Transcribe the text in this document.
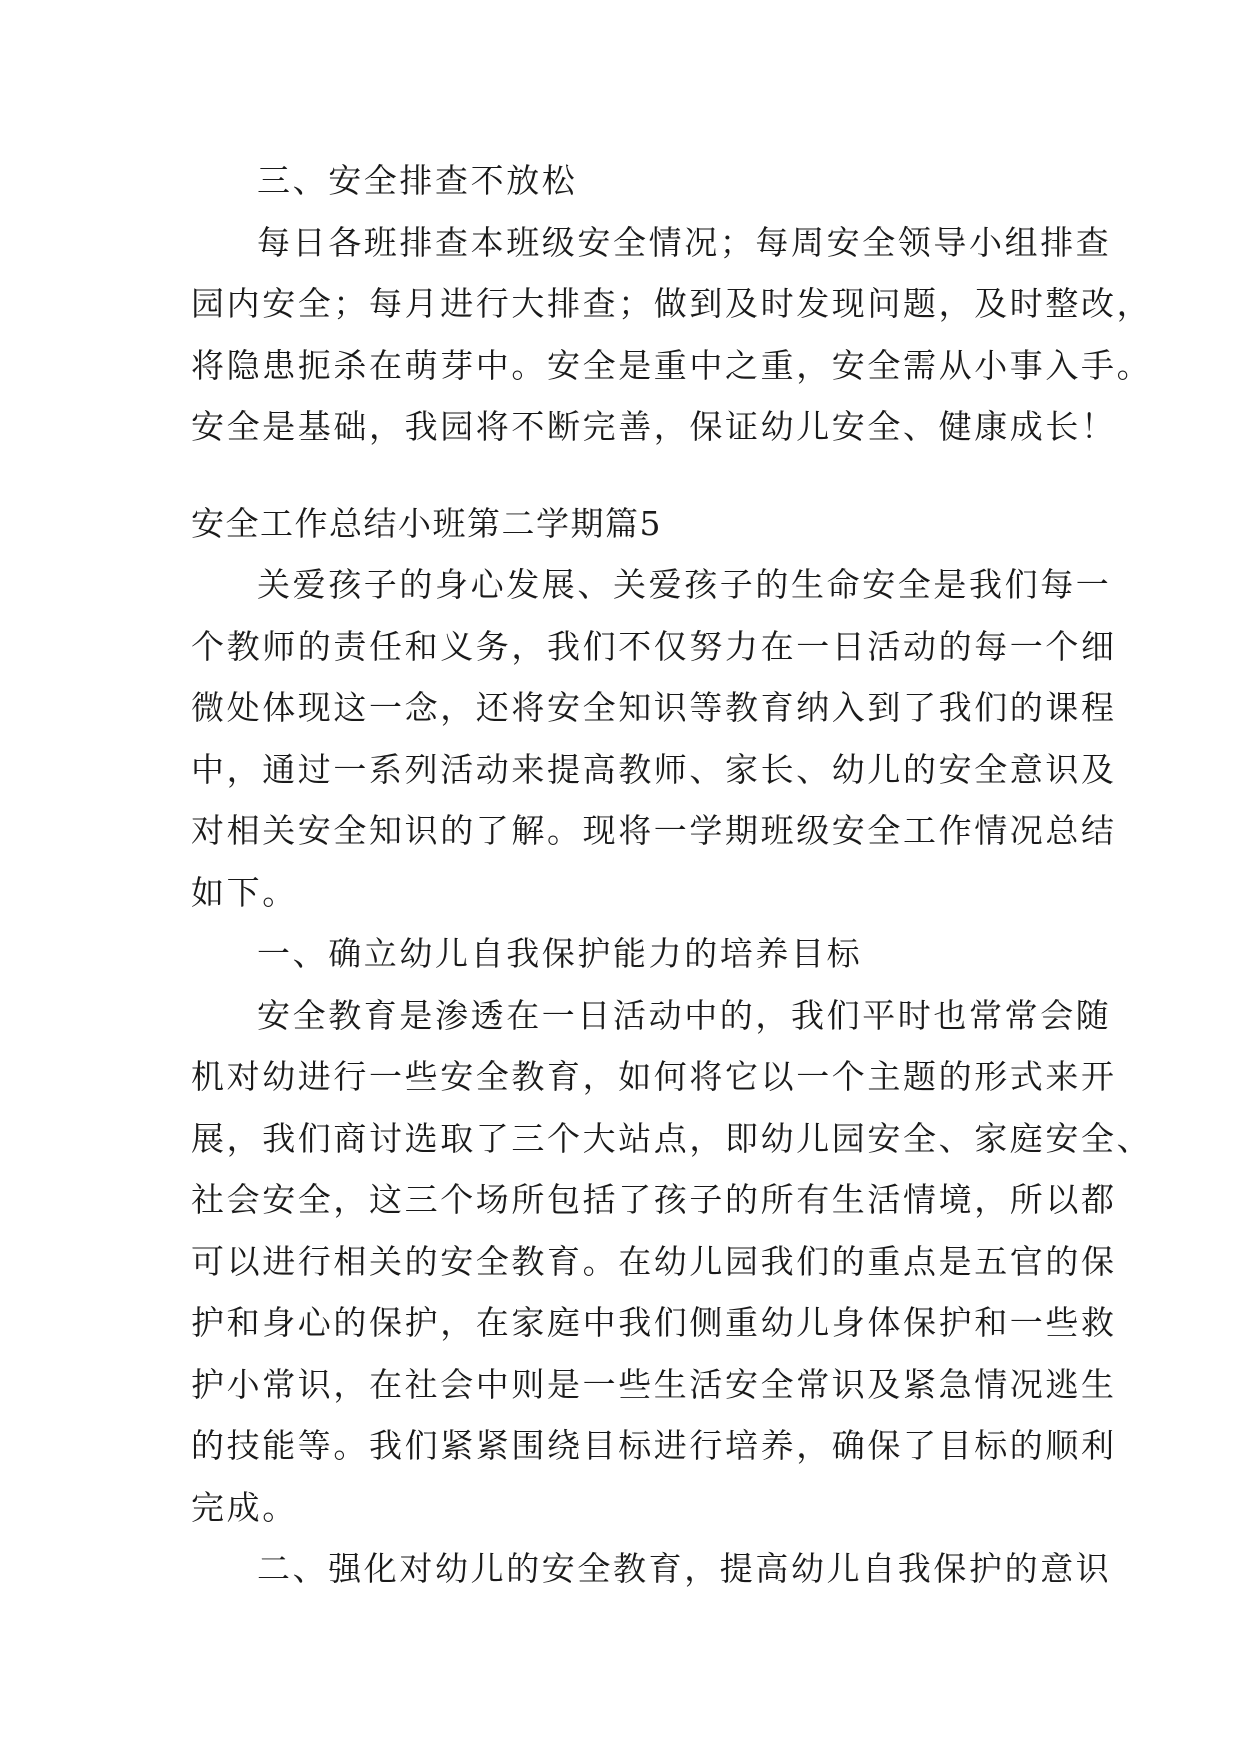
三、安全排查不放松
每日各班排查本班级安全情况；每周安全领导小组排查
园内安全；每月进行大排查；做到及时发现问题，及时整改，
将隐患扼杀在萌芽中。安全是重中之重，安全需从小事入手。
安全是基础，我园将不断完善，保证幼儿安全、健康成长！
安全工作总结小班第二学期篇5
关爱孩子的身心发展、关爱孩子的生命安全是我们每一
个教师的责任和义务，我们不仅努力在一日活动的每一个细
微处体现这一念，还将安全知识等教育纳入到了我们的课程
中，通过一系列活动来提高教师、家长、幼儿的安全意识及
对相关安全知识的了解。现将一学期班级安全工作情况总结
如下。
一、确立幼儿自我保护能力的培养目标
安全教育是渗透在一日活动中的，我们平时也常常会随
机对幼进行一些安全教育，如何将它以一个主题的形式来开
展，我们商讨选取了三个大站点，即幼儿园安全、家庭安全、
社会安全，这三个场所包括了孩子的所有生活情境，所以都
可以进行相关的安全教育。在幼儿园我们的重点是五官的保
护和身心的保护，在家庭中我们侧重幼儿身体保护和一些救
护小常识，在社会中则是一些生活安全常识及紧急情况逃生
的技能等。我们紧紧围绕目标进行培养，确保了目标的顺利
完成。
二、强化对幼儿的安全教育，提高幼儿自我保护的意识
